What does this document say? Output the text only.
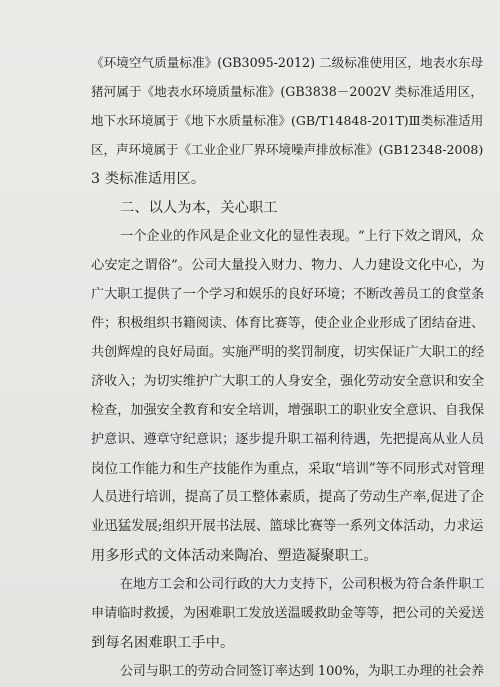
《环境空气质量标准》(GB3095-2012) 二级标准使用区，地表水东母
猪河属于《地表水环境质量标准》(GB3838－2002V 类标准适用区，
地下水环境属于《地下水质量标准》(GB/T14848-201T)Ⅲ类标准适用
区，声环境属于《工业企业厂界环境噪声排放标准》(GB12348-2008)
3 类标准适用区。
二、以人为本，关心职工
一个企业的作风是企业文化的显性表现。“上行下效之谓风，众
心安定之谓俗”。公司大量投入财力、物力、人力建设文化中心，为
广大职工提供了一个学习和娱乐的良好环境；不断改善员工的食堂条
件；积极组织书籍阅读、体育比赛等，使企业企业形成了团结奋进、
共创辉煌的良好局面。实施严明的奖罚制度，切实保证广大职工的经
济收入；为切实维护广大职工的人身安全，强化劳动安全意识和安全
检查，加强安全教育和安全培训，增强职工的职业安全意识、自我保
护意识、遵章守纪意识；逐步提升职工福利待遇，先把提高从业人员
岗位工作能力和生产技能作为重点，采取“培训”等不同形式对管理
人员进行培训，提高了员工整体素质，提高了劳动生产率,促进了企
业迅猛发展;组织开展书法展、篮球比赛等一系列文体活动，力求运
用多形式的文体活动来陶冶、塑造凝聚职工。
在地方工会和公司行政的大力支持下，公司积极为符合条件职工
申请临时救援，为困难职工发放送温暖救助金等等，把公司的关爱送
到每名困难职工手中。
公司与职工的劳动合同签订率达到 100%，为职工办理的社会养
